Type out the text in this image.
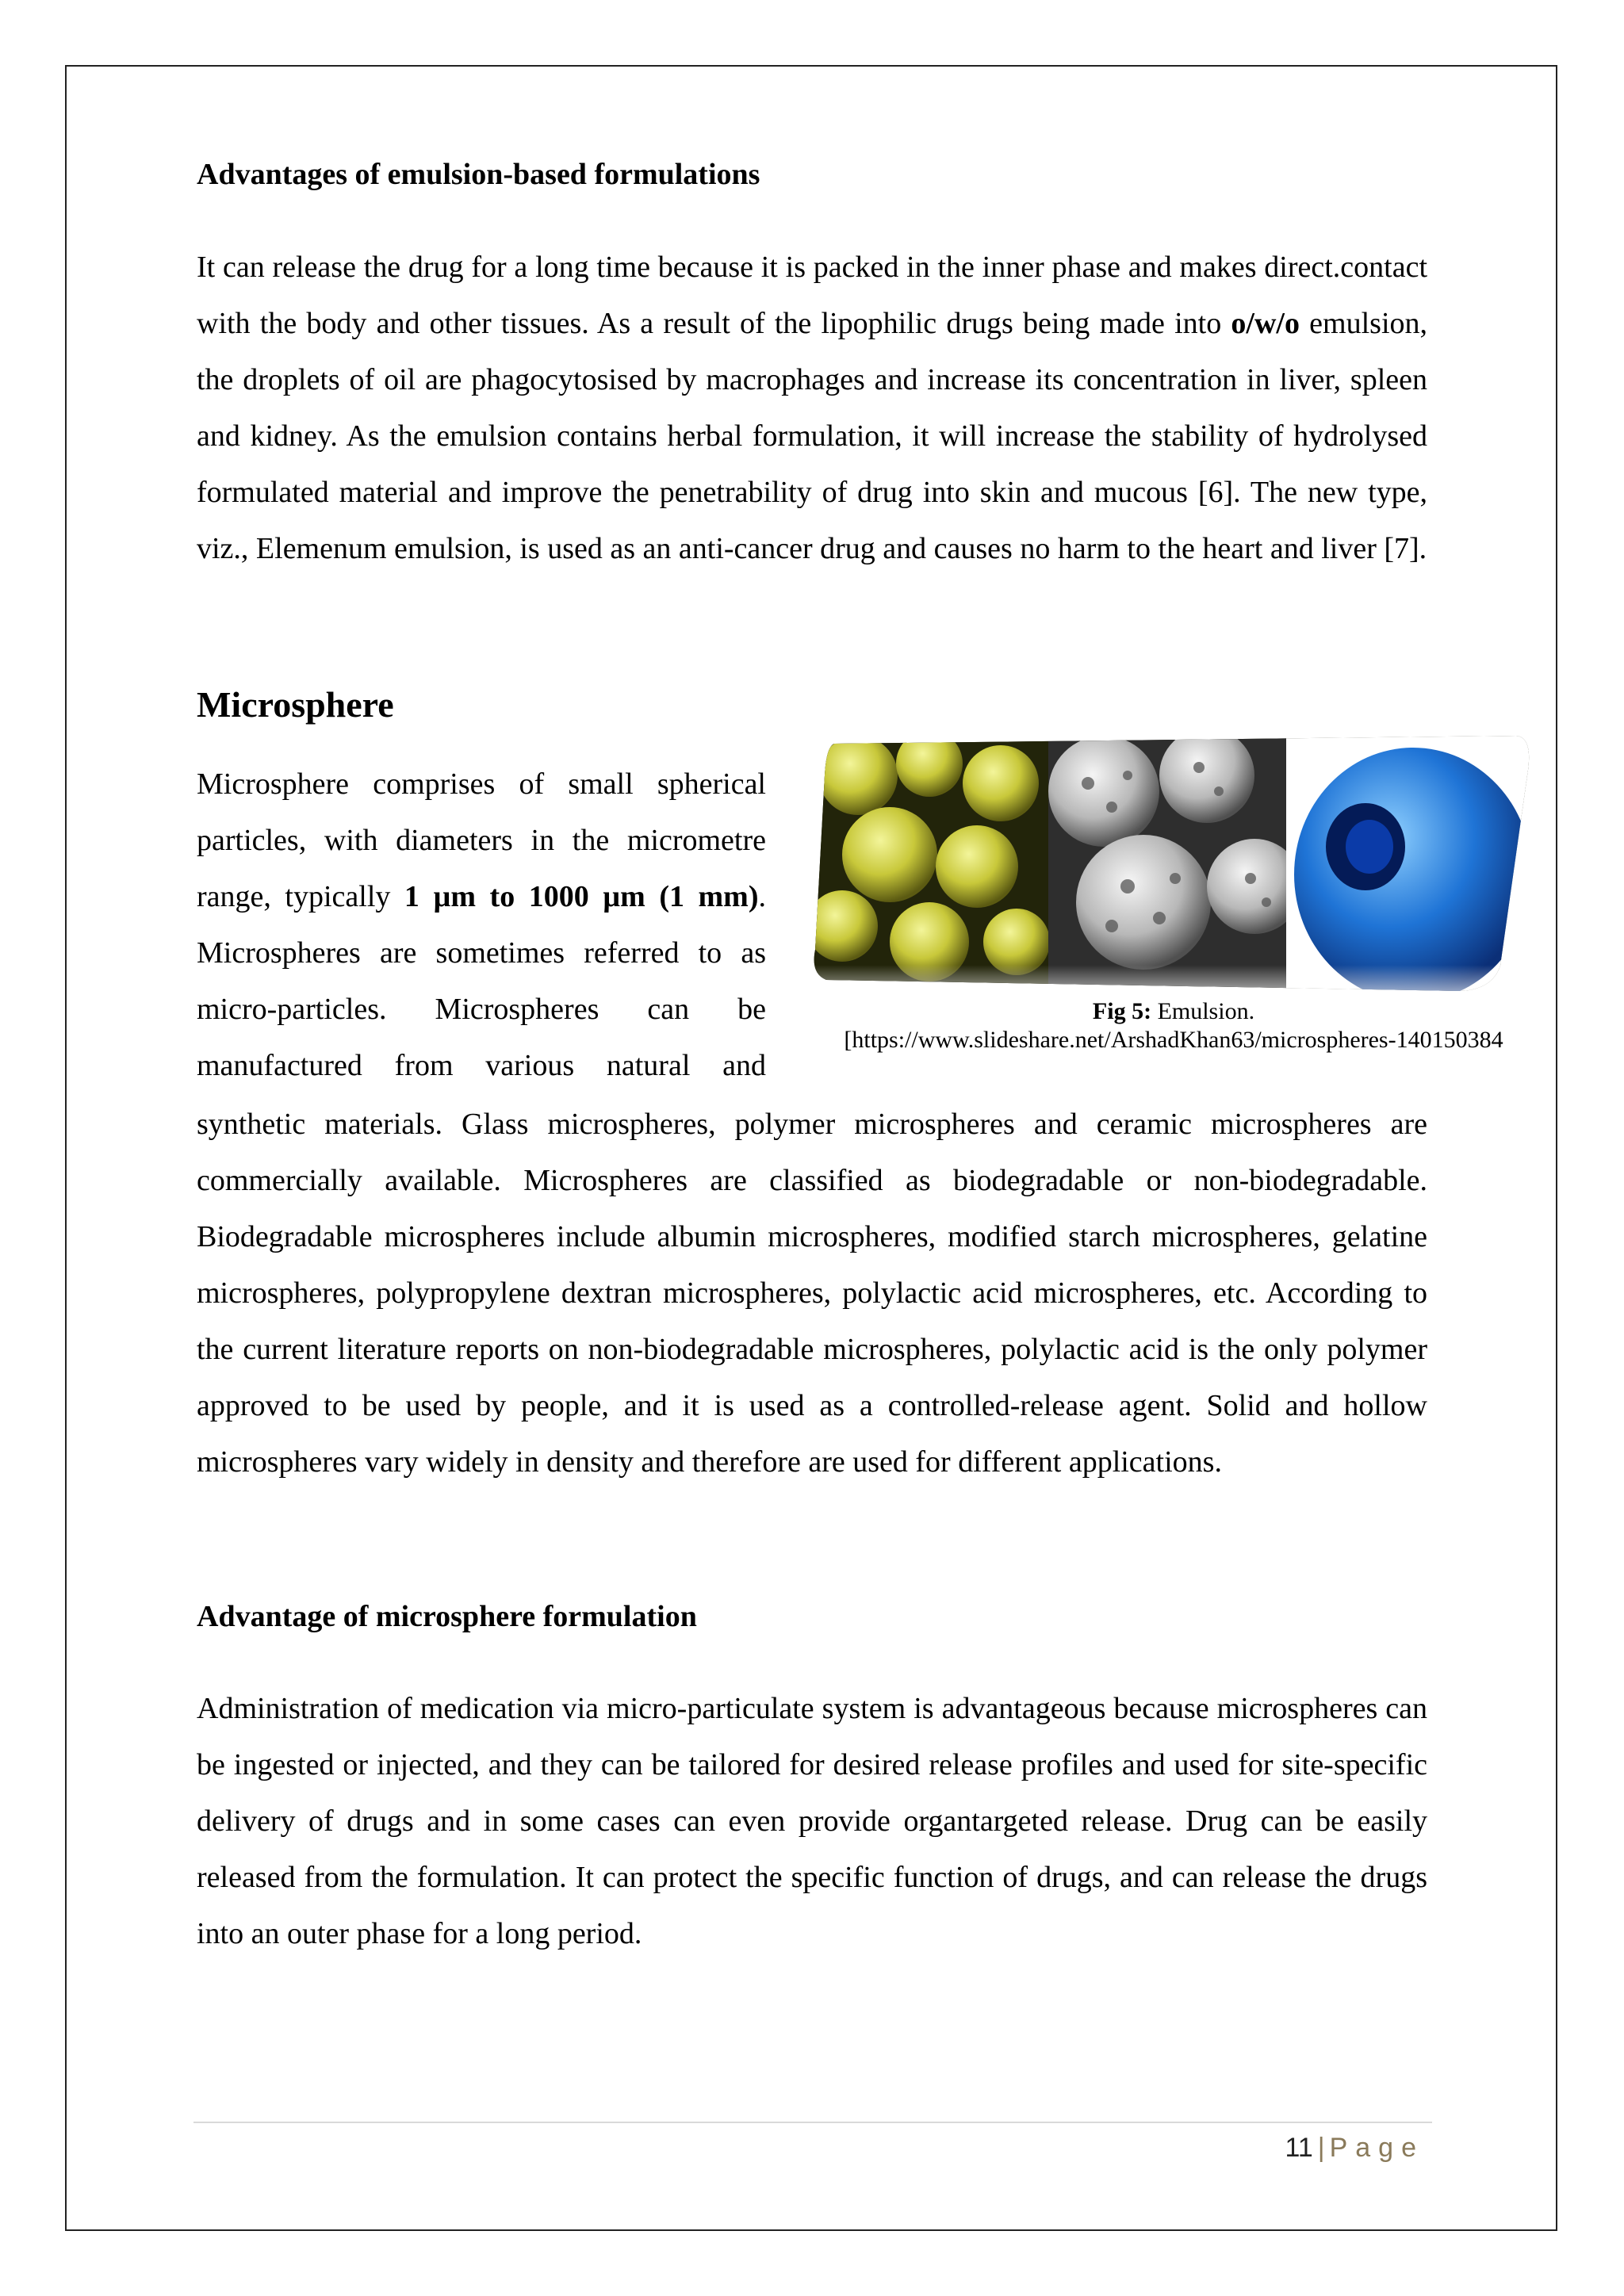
Advantages of emulsion-based formulations

It can release the drug for a long time because it is packed in the inner phase and makes direct.contact with the body and other tissues. As a result of the lipophilic drugs being made into o/w/o emulsion, the droplets of oil are phagocytosised by macrophages and increase its concentration in liver, spleen and kidney. As the emulsion contains herbal formulation, it will increase the stability of hydrolysed formulated material and improve the penetrability of drug into skin and mucous [6]. The new type, viz., Elemenum emulsion, is used as an anti-cancer drug and causes no harm to the heart and liver [7].

Microsphere

Microsphere comprises of small spherical particles, with diameters in the micrometre range, typically 1 µm to 1000 µm (1 mm). Microspheres are sometimes referred to as micro-particles. Microspheres can be manufactured from various natural and

synthetic materials. Glass microspheres, polymer microspheres and ceramic microspheres are commercially available. Microspheres are classified as biodegradable or non-biodegradable. Biodegradable microspheres include albumin microspheres, modified starch microspheres, gelatine microspheres, polypropylene dextran microspheres, polylactic acid microspheres, etc. According to the current literature reports on non-biodegradable microspheres, polylactic acid is the only polymer approved to be used by people, and it is used as a controlled-release agent. Solid and hollow microspheres vary widely in density and therefore are used for different applications.

Fig 5: Emulsion.
[https://www.slideshare.net/ArshadKhan63/microspheres-140150384

Advantage of microsphere formulation

Administration of medication via micro-particulate system is advantageous because microspheres can be ingested or injected, and they can be tailored for desired release profiles and used for site-specific delivery of drugs and in some cases can even provide organtargeted release. Drug can be easily released from the formulation. It can protect the specific function of drugs, and can release the drugs into an outer phase for a long period.

11 | Page
